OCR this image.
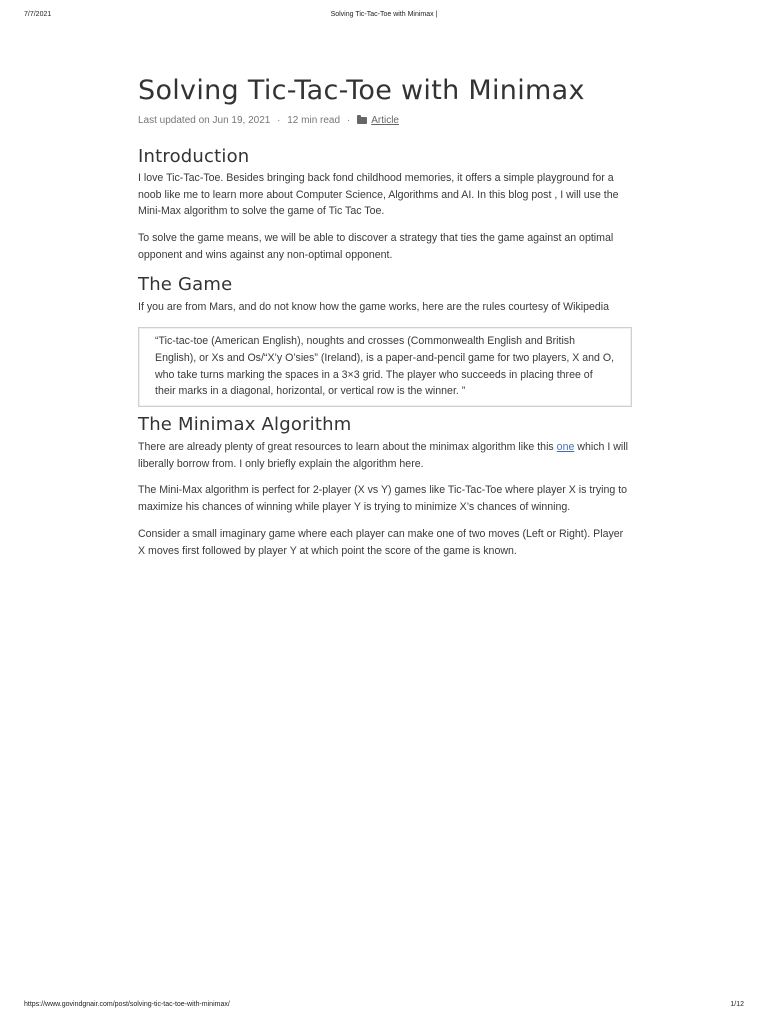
7/7/2021	Solving Tic-Tac-Toe with Minimax |
Solving Tic-Tac-Toe with Minimax
Last updated on Jun 19, 2021 · 12 min read · Article
Introduction

I love Tic-Tac-Toe. Besides bringing back fond childhood memories, it offers a simple playground for a noob like me to learn more about Computer Science, Algorithms and AI. In this blog post , I will use the Mini-Max algorithm to solve the game of Tic Tac Toe.

To solve the game means, we will be able to discover a strategy that ties the game against an optimal opponent and wins against any non-optimal opponent.

The Game

If you are from Mars, and do not know how the game works, here are the rules courtesy of Wikipedia

“Tic-tac-toe (American English), noughts and crosses (Commonwealth English and British English), or Xs and Os/“X’y O’sies” (Ireland), is a paper-and-pencil game for two players, X and O, who take turns marking the spaces in a 3×3 grid. The player who succeeds in placing three of their marks in a diagonal, horizontal, or vertical row is the winner. ”

The Minimax Algorithm

There are already plenty of great resources to learn about the minimax algorithm like this one which I will liberally borrow from. I only briefly explain the algorithm here.

The Mini-Max algorithm is perfect for 2-player (X vs Y) games like Tic-Tac-Toe where player X is trying to maximize his chances of winning while player Y is trying to minimize X’s chances of winning.

Consider a small imaginary game where each player can make one of two moves (Left or Right). Player X moves first followed by player Y at which point the score of the game is known.

https://www.govindgnair.com/post/solving-tic-tac-toe-with-minimax/	1/12
